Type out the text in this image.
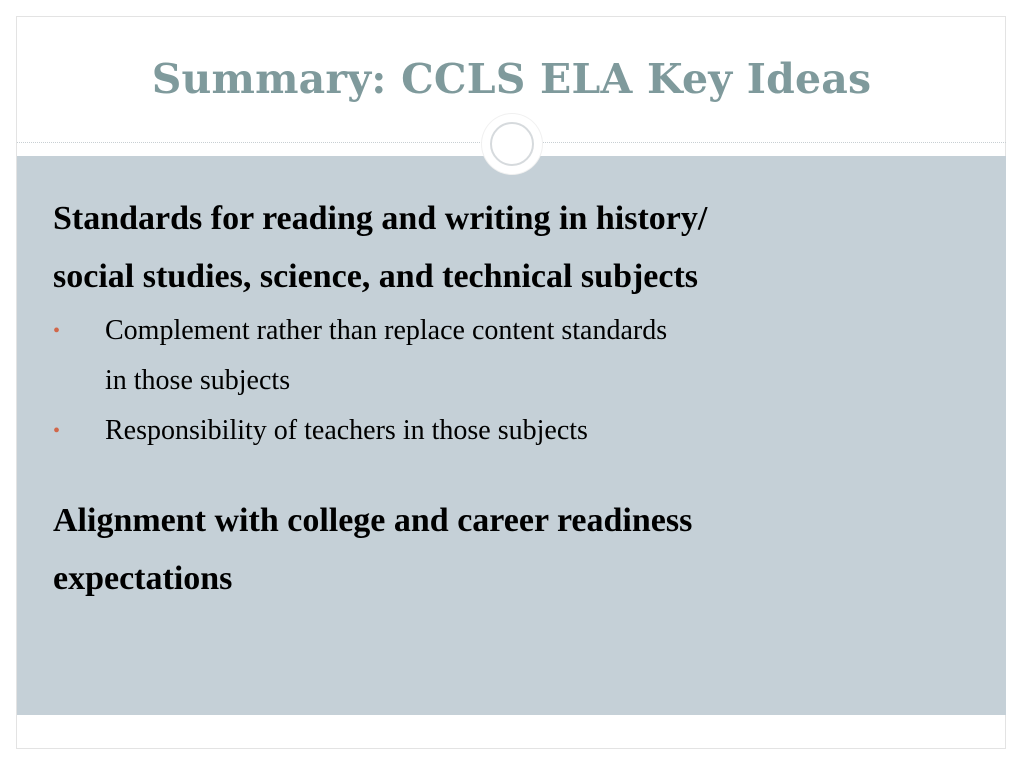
Summary: CCLS ELA Key Ideas

Standards for reading and writing in history/
social studies, science, and technical subjects

• Complement rather than replace content standards
in those subjects
• Responsibility of teachers in those subjects

Alignment with college and career readiness
expectations
